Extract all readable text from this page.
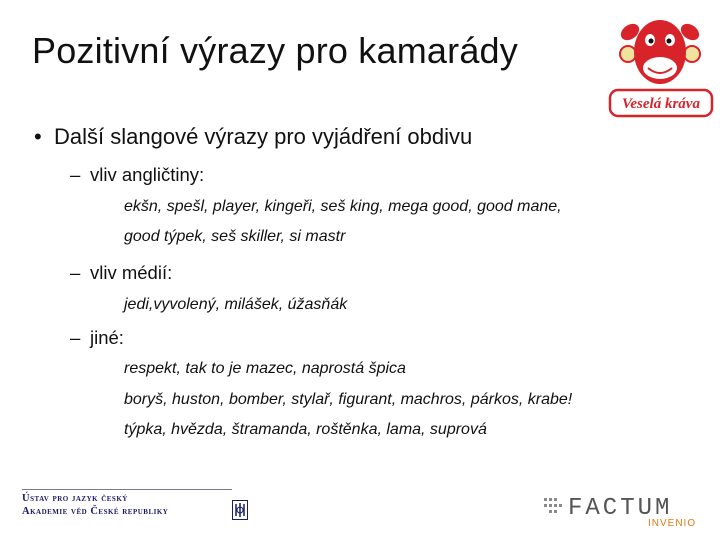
Pozitivní výrazy pro kamarády
Veselá kráva
• Další slangové výrazy pro vyjádření obdivu
– vliv angličtiny:
ekšn, spešl, player, kingeři, seš king, mega good, good mane,
good týpek, seš skiller, si mastr
– vliv médií:
jedi,vyvolený, milášek, úžasňák
– jiné:
respekt, tak to je mazec, naprostá špica
boryš, huston, bomber, stylař, figurant, machros, párkos, krabe!
týpka, hvězda, štramanda, roštěnka, lama, suprová
Ústav pro jazyk český
Akademie věd České republiky	FACTUM
INVENIO
